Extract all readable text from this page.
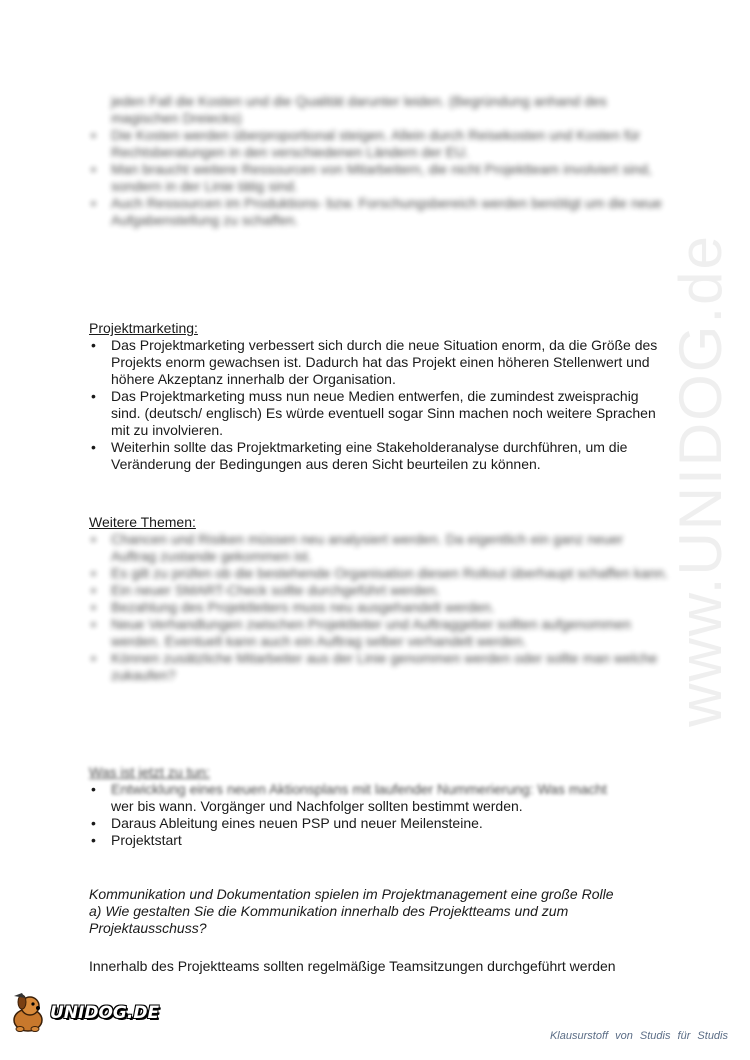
www.UNIDOG.de
jeden Fall die Kosten und die Qualität darunter leiden. (Begründung anhand des magischen Dreiecks)
• Die Kosten werden überproportional steigen. Allein durch Reisekosten und Kosten für Rechtsberatungen in den verschiedenen Ländern der EU.
• Man braucht weitere Ressourcen von Mitarbeitern, die nicht Projektteam involviert sind, sondern in der Linie tätig sind.
• Auch Ressourcen im Produktions- bzw. Forschungsbereich werden benötigt um die neue Aufgabenstellung zu schaffen.

Projektmarketing:

• Das Projektmarketing verbessert sich durch die neue Situation enorm, da die Größe des Projekts enorm gewachsen ist. Dadurch hat das Projekt einen höheren Stellenwert und höhere Akzeptanz innerhalb der Organisation.
• Das Projektmarketing muss nun neue Medien entwerfen, die zumindest zweisprachig sind. (deutsch/ englisch) Es würde eventuell sogar Sinn machen noch weitere Sprachen mit zu involvieren.
• Weiterhin sollte das Projektmarketing eine Stakeholderanalyse durchführen, um die Veränderung der Bedingungen aus deren Sicht beurteilen zu können.

Weitere Themen:

• Chancen und Risiken müssen neu analysiert werden. Da eigentlich ein ganz neuer Auftrag zustande gekommen ist.
• Es gilt zu prüfen ob die bestehende Organisation diesen Rollout überhaupt schaffen kann.
• Ein neuer SMART-Check sollte durchgeführt werden.
• Bezahlung des Projektleiters muss neu ausgehandelt werden.
• Neue Verhandlungen zwischen Projektleiter und Auftraggeber sollten aufgenommen werden. Eventuell kann auch ein Auftrag selber verhandelt werden.
• Können zusätzliche Mitarbeiter aus der Linie genommen werden oder sollte man welche zukaufen?

Was ist jetzt zu tun:

• Entwicklung eines neuen Aktionsplans mit laufender Nummerierung: Was macht
wer bis wann. Vorgänger und Nachfolger sollten bestimmt werden.
• Daraus Ableitung eines neuen PSP und neuer Meilensteine.
• Projektstart

Kommunikation und Dokumentation spielen im Projektmanagement eine große Rolle

a) Wie gestalten Sie die Kommunikation innerhalb des Projektteams und zum Projektausschuss?

Innerhalb des Projektteams sollten regelmäßige Teamsitzungen durchgeführt werden

UNIDOG.DE
Klausurstoff von Studis für Studis
